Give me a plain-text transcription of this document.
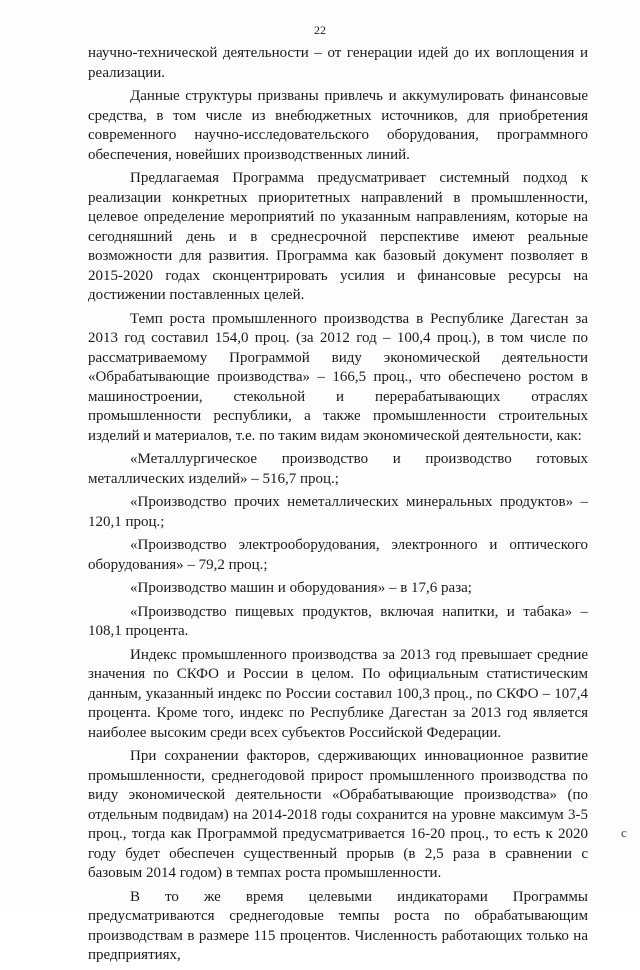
22

научно-технической деятельности – от генерации идей до их воплощения и реализации.

Данные структуры призваны привлечь и аккумулировать финансовые средства, в том числе из внебюджетных источников, для приобретения современного научно-исследовательского оборудования, программного обеспечения, новейших производственных линий.

Предлагаемая Программа предусматривает системный подход к реализации конкретных приоритетных направлений в промышленности, целевое определение мероприятий по указанным направлениям, которые на сегодняшний день и в среднесрочной перспективе имеют реальные возможности для развития. Программа как базовый документ позволяет в 2015-2020 годах сконцентрировать усилия и финансовые ресурсы на достижении поставленных целей.

Темп роста промышленного производства в Республике Дагестан за 2013 год составил 154,0 проц. (за 2012 год – 100,4 проц.), в том числе по рассматриваемому Программой виду экономической деятельности «Обрабатывающие производства» – 166,5 проц., что обеспечено ростом в машиностроении, стекольной и перерабатывающих отраслях промышленности республики, а также промышленности строительных изделий и материалов, т.е. по таким видам экономической деятельности, как:

«Металлургическое производство и производство готовых металлических изделий» – 516,7 проц.;

«Производство прочих неметаллических минеральных продуктов» – 120,1 проц.;

«Производство электрооборудования, электронного и оптического оборудования» – 79,2 проц.;

«Производство машин и оборудования» – в 17,6 раза;

«Производство пищевых продуктов, включая напитки, и табака» – 108,1 процента.

Индекс промышленного производства за 2013 год превышает средние значения по СКФО и России в целом. По официальным статистическим данным, указанный индекс по России составил 100,3 проц., по СКФО – 107,4 процента. Кроме того, индекс по Республике Дагестан за 2013 год является наиболее высоким среди всех субъектов Российской Федерации.

При сохранении факторов, сдерживающих инновационное развитие промышленности, среднегодовой прирост промышленного производства по виду экономической деятельности «Обрабатывающие производства» (по отдельным подвидам) на 2014-2018 годы сохранится на уровне максимум 3-5 проц., тогда как Программой предусматривается 16-20 проц., то есть к 2020 году будет обеспечен существенный прорыв (в 2,5 раза в сравнении с базовым 2014 годом) в темпах роста промышленности.

В то же время целевыми индикаторами Программы предусматриваются среднегодовые темпы роста по обрабатывающим производствам в размере 115 процентов. Численность работающих только на предприятиях,

c
